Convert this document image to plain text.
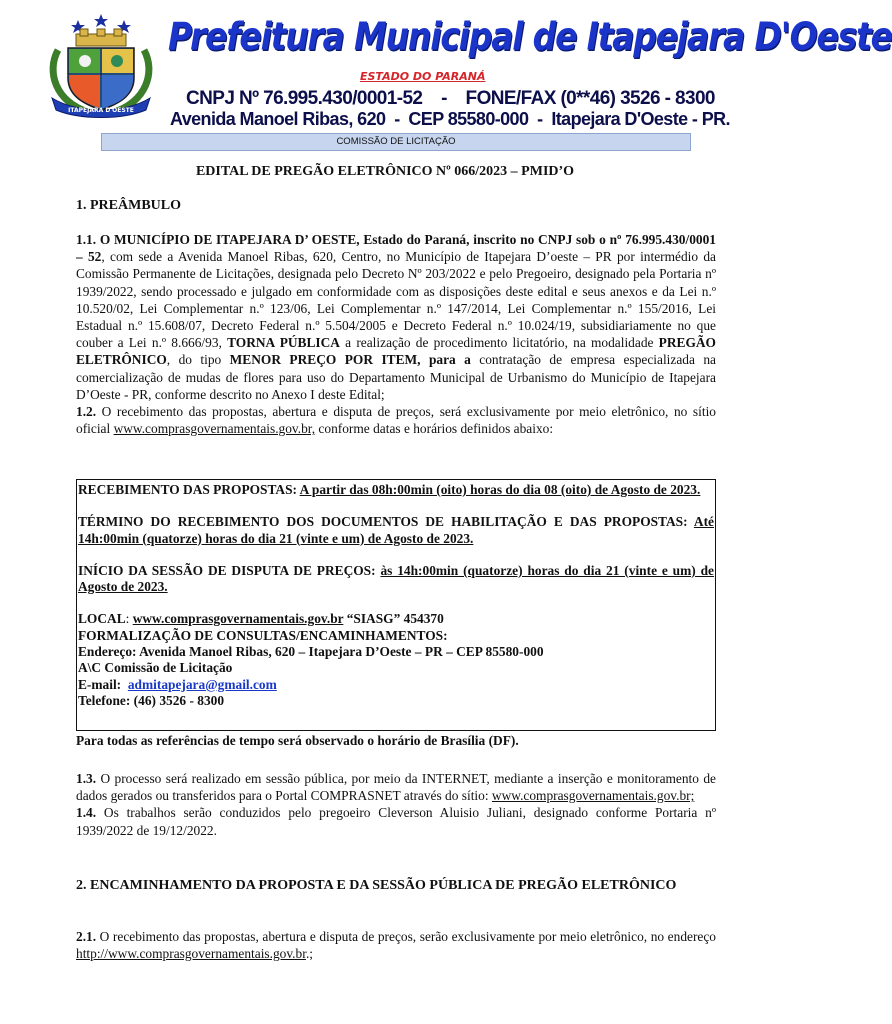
ITAPEJARA D'OESTE
Prefeitura Municipal de Itapejara D'Oeste
ESTADO DO PARANÁ
CNPJ Nº 76.995.430/0001-52    -    FONE/FAX (0**46) 3526 - 8300
Avenida Manoel Ribas, 620  -  CEP 85580-000  -  Itapejara D'Oeste - PR.
COMISSÃO DE LICITAÇÃO
EDITAL DE PREGÃO ELETRÔNICO Nº 066/2023 – PMID’O
1. PREÂMBULO
1.1. O MUNICÍPIO DE ITAPEJARA D’ OESTE, Estado do Paraná, inscrito no CNPJ sob o nº 76.995.430/0001 – 52, com sede a Avenida Manoel Ribas, 620, Centro, no Município de Itapejara D’oeste – PR por intermédio da Comissão Permanente de Licitações, designada pelo Decreto Nº 203/2022 e pelo Pregoeiro, designado pela Portaria nº 1939/2022, sendo processado e julgado em conformidade com as disposições deste edital e seus anexos e da Lei n.º 10.520/02, Lei Complementar n.º 123/06, Lei Complementar n.º 147/2014, Lei Complementar n.º 155/2016, Lei Estadual n.º 15.608/07, Decreto Federal n.º 5.504/2005 e Decreto Federal n.º 10.024/19, subsidiariamente no que couber a Lei n.º 8.666/93, TORNA PÚBLICA a realização de procedimento licitatório, na modalidade PREGÃO ELETRÔNICO, do tipo MENOR PREÇO POR ITEM, para a contratação de empresa especializada na comercialização de mudas de flores para uso do Departamento Municipal de Urbanismo do Município de Itapejara D’Oeste - PR, conforme descrito no Anexo I deste Edital;
1.2. O recebimento das propostas, abertura e disputa de preços, será exclusivamente por meio eletrônico, no sítio oficial www.comprasgovernamentais.gov.br, conforme datas e horários definidos abaixo:

RECEBIMENTO DAS PROPOSTAS: A partir das 08h:00min (oito) horas do dia 08 (oito) de Agosto de 2023.

TÉRMINO DO RECEBIMENTO DOS DOCUMENTOS DE HABILITAÇÃO E DAS PROPOSTAS: Até 14h:00min (quatorze) horas do dia 21 (vinte e um) de Agosto de 2023.

INÍCIO DA SESSÃO DE DISPUTA DE PREÇOS: às 14h:00min (quatorze) horas do dia 21 (vinte e um) de Agosto de 2023.

LOCAL: www.comprasgovernamentais.gov.br “SIASG” 454370

FORMALIZAÇÃO DE CONSULTAS/ENCAMINHAMENTOS:

Endereço: Avenida Manoel Ribas, 620 – Itapejara D’Oeste – PR – CEP 85580-000

A\C Comissão de Licitação

E-mail:  admitapejara@gmail.com

Telefone: (46) 3526 - 8300

Para todas as referências de tempo será observado o horário de Brasília (DF).
1.3. O processo será realizado em sessão pública, por meio da INTERNET, mediante a inserção e monitoramento de dados gerados ou transferidos para o Portal COMPRASNET através do sítio: www.comprasgovernamentais.gov.br;
1.4. Os trabalhos serão conduzidos pelo pregoeiro Cleverson Aluisio Juliani, designado conforme Portaria nº 1939/2022 de 19/12/2022.
2. ENCAMINHAMENTO DA PROPOSTA E DA SESSÃO PÚBLICA DE PREGÃO ELETRÔNICO
2.1. O recebimento das propostas, abertura e disputa de preços, serão exclusivamente por meio eletrônico, no endereço http://www.comprasgovernamentais.gov.br.;
